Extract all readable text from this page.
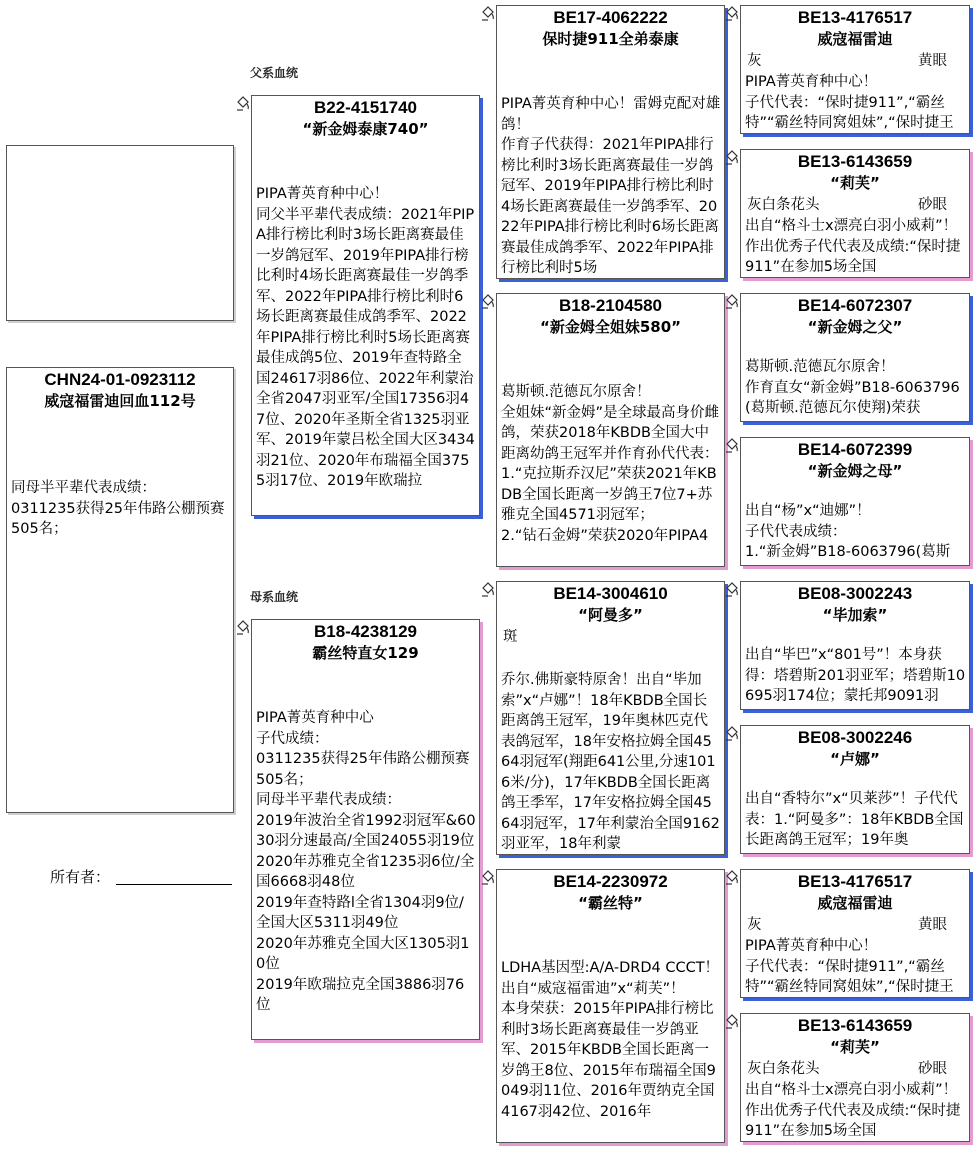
父系血统
母系血统
CHN24-01-0923112
威寇福雷迪回血112号
同母半平辈代表成绩：
0311235获得25年伟路公棚预赛505名；
所有者：
B22-4151740
“新金姆泰康740”
PIPA菁英育种中心！
同父半平辈代表成绩：2021年PIPA排行榜比利时3场长距离赛最佳一岁鸽冠军、2019年PIPA排行榜比利时4场长距离赛最佳一岁鸽季军、2022年PIPA排行榜比利时6场长距离赛最佳成鸽季军、2022年PIPA排行榜比利时5场长距离赛最佳成鸽5位、2019年查特路全国24617羽86位、2022年利蒙治全省2047羽亚军/全国17356羽47位、2020年圣斯全省1325羽亚军、2019年蒙吕松全国大区3434羽21位、2020年布瑞福全国3755羽17位、2019年欧瑞拉
B18-4238129
霸丝特直女129
PIPA菁英育种中心
子代成绩：
0311235获得25年伟路公棚预赛505名；
同母半平辈代表成绩：
2019年波治全省1992羽冠军&6030羽分速最高/全国24055羽19位
2020年苏雅克全省1235羽6位/全国6668羽48位
2019年查特路l全省1304羽9位/全国大区5311羽49位
2020年苏雅克全国大区1305羽10位
2019年欧瑞拉克全国3886羽76位
BE17-4062222
保时捷911全弟泰康
PIPA菁英育种中心！雷姆克配对雄鸽！
作育子代获得：2021年PIPA排行榜比利时3场长距离赛最佳一岁鸽冠军、2019年PIPA排行榜比利时4场长距离赛最佳一岁鸽季军、2022年PIPA排行榜比利时6场长距离赛最佳成鸽季军、2022年PIPA排行榜比利时5场
B18-2104580
“新金姆全姐妹580”
葛斯顿.范德瓦尔原舍！
全姐妹“新金姆”是全球最高身价雌鸽，荣获2018年KBDB全国大中距离幼鸽王冠军并作育孙代代表：
1.“克拉斯乔汉尼”荣获2021年KBDB全国长距离一岁鸽王7位7+苏雅克全国4571羽冠军；
2.“钻石金姆”荣获2020年PIPA4
BE14-3004610
“阿曼多”
斑
乔尔.佛斯豪特原舍！出自“毕加索”x“卢娜”！18年KBDB全国长距离鸽王冠军，19年奥林匹克代表鸽冠军，18年安格拉姆全国4564羽冠军(翔距641公里,分速1016米/分)，17年KBDB全国长距离鸽王季军，17年安格拉姆全国4564羽冠军，17年利蒙治全国9162羽亚军，18年利蒙
BE14-2230972
“霸丝特”
LDHA基因型:A/A-DRD4 CCCT！
出自“威寇福雷迪”x“莉芙”！
本身荣获：2015年PIPA排行榜比利时3场长距离赛最佳一岁鸽亚军、2015年KBDB全国长距离一岁鸽王8位、2015年布瑞福全国9049羽11位、2016年贾纳克全国4167羽42位、2016年
BE13-4176517
威寇福雷迪
灰	黄眼
PIPA菁英育种中心！
子代代表：“保时捷911”,“霸丝特”“霸丝特同窝姐妹”,“保时捷王
BE13-6143659
“莉芙”
灰白条花头	砂眼
出自“格斗士x漂亮白羽小威莉”！作出优秀子代代表及成绩:“保时捷911”在参加5场全国
BE14-6072307
“新金姆之父”
葛斯顿.范德瓦尔原舍！
作育直女“新金姆”B18-6063796(葛斯顿.范德瓦尔使翔)荣获
BE14-6072399
“新金姆之母”
出自“杨”x“迪娜”！
子代代表成绩：
1.“新金姆”B18-6063796(葛斯
BE08-3002243
“毕加索”
出自“毕巴”x“801号”！本身获得：塔碧斯201羽亚军；塔碧斯10695羽174位；蒙托邦9091羽
BE08-3002246
“卢娜”
出自“香特尔”x“贝莱莎”！子代代表：1.“阿曼多”：18年KBDB全国长距离鸽王冠军；19年奥
BE13-4176517
威寇福雷迪
灰	黄眼
PIPA菁英育种中心！
子代代表：“保时捷911”,“霸丝特”“霸丝特同窝姐妹”,“保时捷王
BE13-6143659
“莉芙”
灰白条花头	砂眼
出自“格斗士x漂亮白羽小威莉”！作出优秀子代代表及成绩:“保时捷911”在参加5场全国
